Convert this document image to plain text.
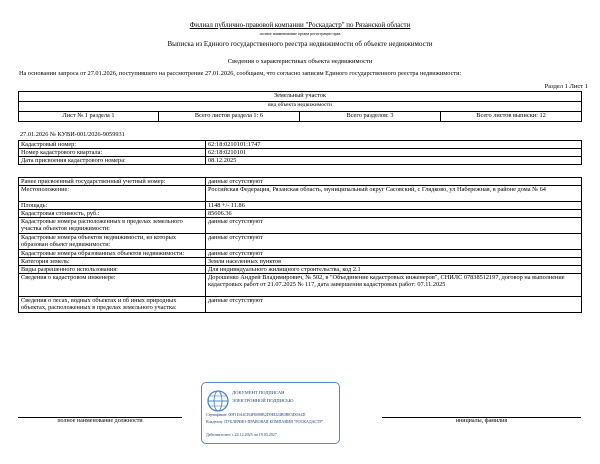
Филиал публично-правовой компании "Роскадастр" по Рязанской области
полное наименование органа регистрации прав
Выписка из Единого государственного реестра недвижимости об объекте недвижимости
Сведения о характеристиках объекта недвижимости
На основании запроса от 27.01.2026, поступившего на рассмотрение 27.01.2026, сообщаем, что согласно записям Единого государственного реестра недвижимости:
Раздел 1 Лист 1
Земельный участок
вид объекта недвижимости
Лист № 1 раздела 1	Всего листов раздела 1: 6	Всего разделов: 3	Всего листов выписки: 12
27.01.2026 № КУВИ-001/2026-9059931
Кадастровый номер:	62:18:0210101:1747
Номер кадастрового квартала:	62:18:0210101
Дата присвоения кадастрового номера:	08.12.2025
Ранее присвоенный государственный учетный номер:	данные отсутствуют
Местоположение:	Российская Федерация, Рязанская область, муниципальный округ Сасовский, с Глядково, ул Набережная, в районе дома № 64
Площадь:	1148 +/- 11.86
Кадастровая стоимость, руб.:	85606.36
Кадастровые номера расположенных в пределах земельного участка объектов недвижимости:	данные отсутствуют
Кадастровые номера объектов недвижимости, из которых образован объект недвижимости:	данные отсутствуют
Кадастровые номера образованных объектов недвижимости:	данные отсутствуют
Категория земель:	Земли населенных пунктов
Виды разрешенного использования:	Для индивидуального жилищного строительства, код 2.1
Сведения о кадастровом инженере:	Дорошенко Андрей Владимирович, № 502, в "Объединение кадастровых инженеров", СНИЛС 07838512197, договор на выполнение кадастровых работ от 21.07.2025 № 117, дата завершения кадастровых работ: 07.11.2025
Сведения о лесах, водных объектах и об иных природных объектах, расположенных в пределах земельного участка:	данные отсутствуют
полное наименование должности	инициалы, фамилия
ДОКУМЕНТ ПОДПИСАН
ЭЛЕКТРОННОЙ ПОДПИСЬЮ
Сертификат: 00F1DA4CB4F8088B2D9ED24B0BE3D0A4D
Владелец: ПУБЛИЧНО-ПРАВОВАЯ КОМПАНИЯ "РОСКАДАСТР"
Действителен: с 24.12.2025 по 19.03.2027
